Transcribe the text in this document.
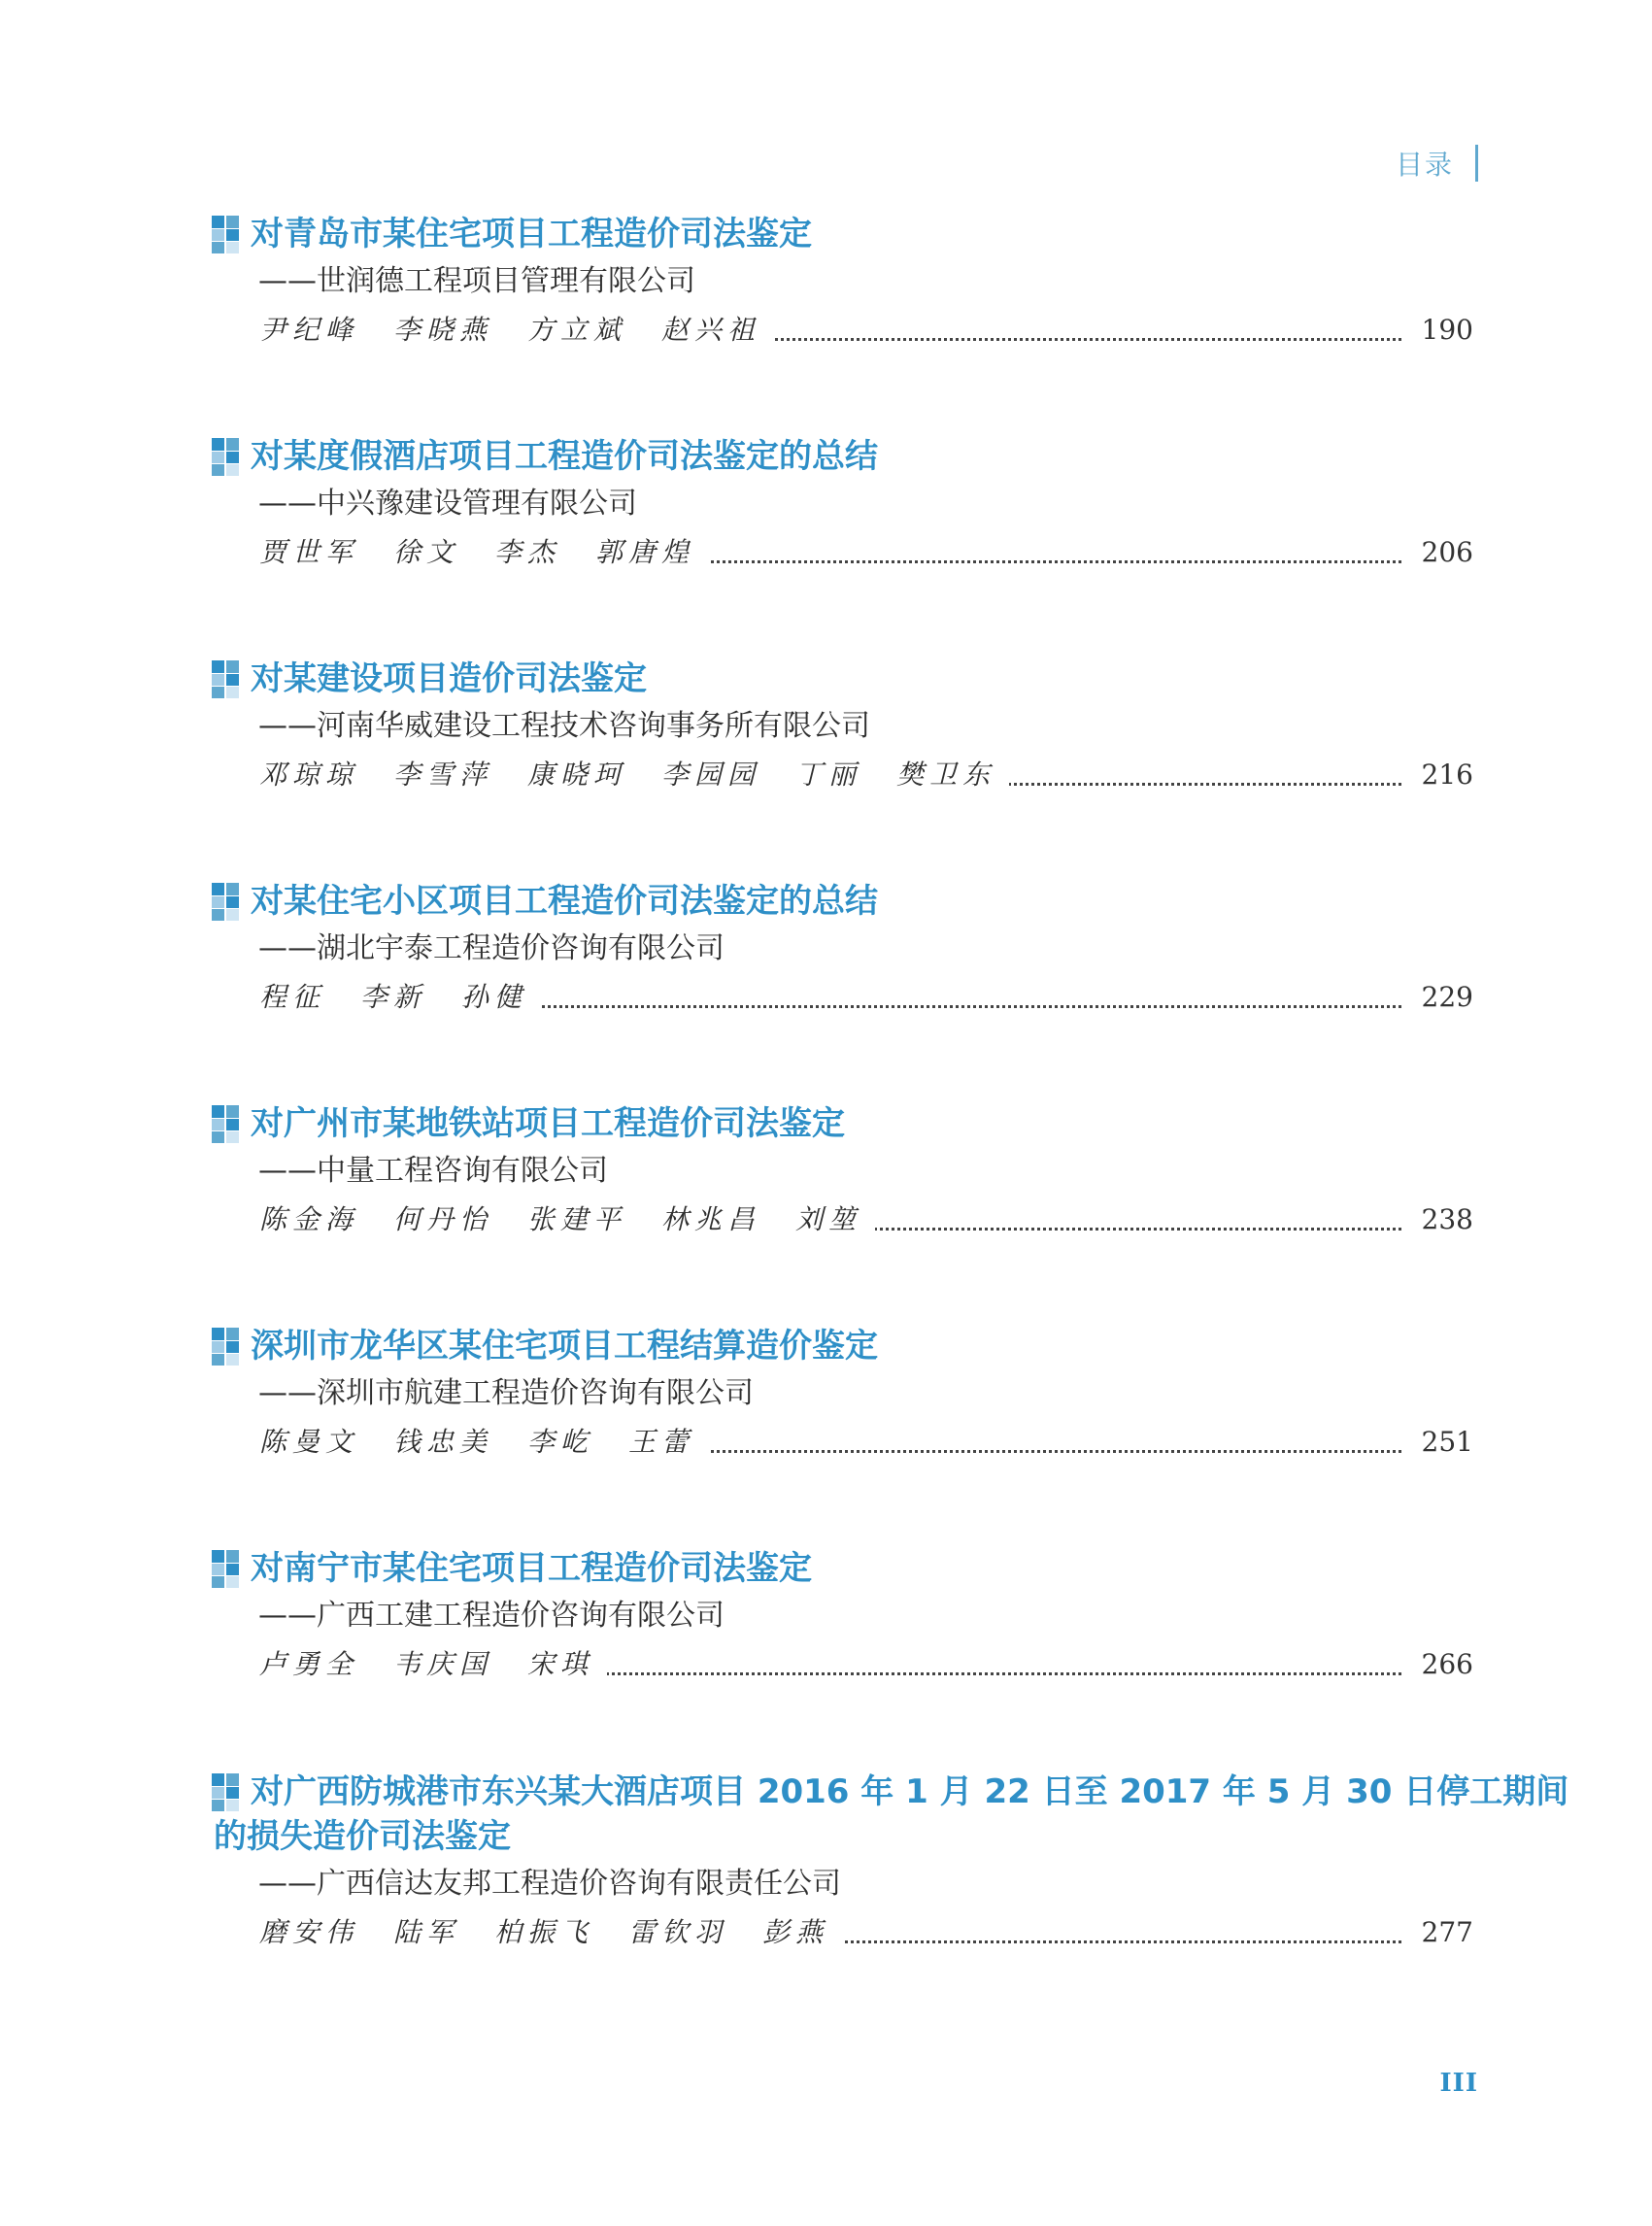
目录

对青岛市某住宅项目工程造价司法鉴定

——世润德工程项目管理有限公司
尹纪峰 李晓燕 方立斌 赵兴祖	190

对某度假酒店项目工程造价司法鉴定的总结

——中兴豫建设管理有限公司
贾世军 徐文 李杰 郭唐煌	206

对某建设项目造价司法鉴定

——河南华威建设工程技术咨询事务所有限公司
邓琼琼 李雪萍 康晓珂 李园园 丁丽 樊卫东	216

对某住宅小区项目工程造价司法鉴定的总结

——湖北宇泰工程造价咨询有限公司
程征 李新 孙健	229

对广州市某地铁站项目工程造价司法鉴定

——中量工程咨询有限公司
陈金海 何丹怡 张建平 林兆昌 刘堃	238

深圳市龙华区某住宅项目工程结算造价鉴定

——深圳市航建工程造价咨询有限公司
陈曼文 钱忠美 李屹 王蕾	251

对南宁市某住宅项目工程造价司法鉴定

——广西工建工程造价咨询有限公司
卢勇全 韦庆国 宋琪	266

对广西防城港市东兴某大酒店项目 2016 年 1 月 22 日至 2017 年 5 月 30 日停工期间

的损失造价司法鉴定

——广西信达友邦工程造价咨询有限责任公司
磨安伟 陆军 柏振飞 雷钦羽 彭燕	277
III
